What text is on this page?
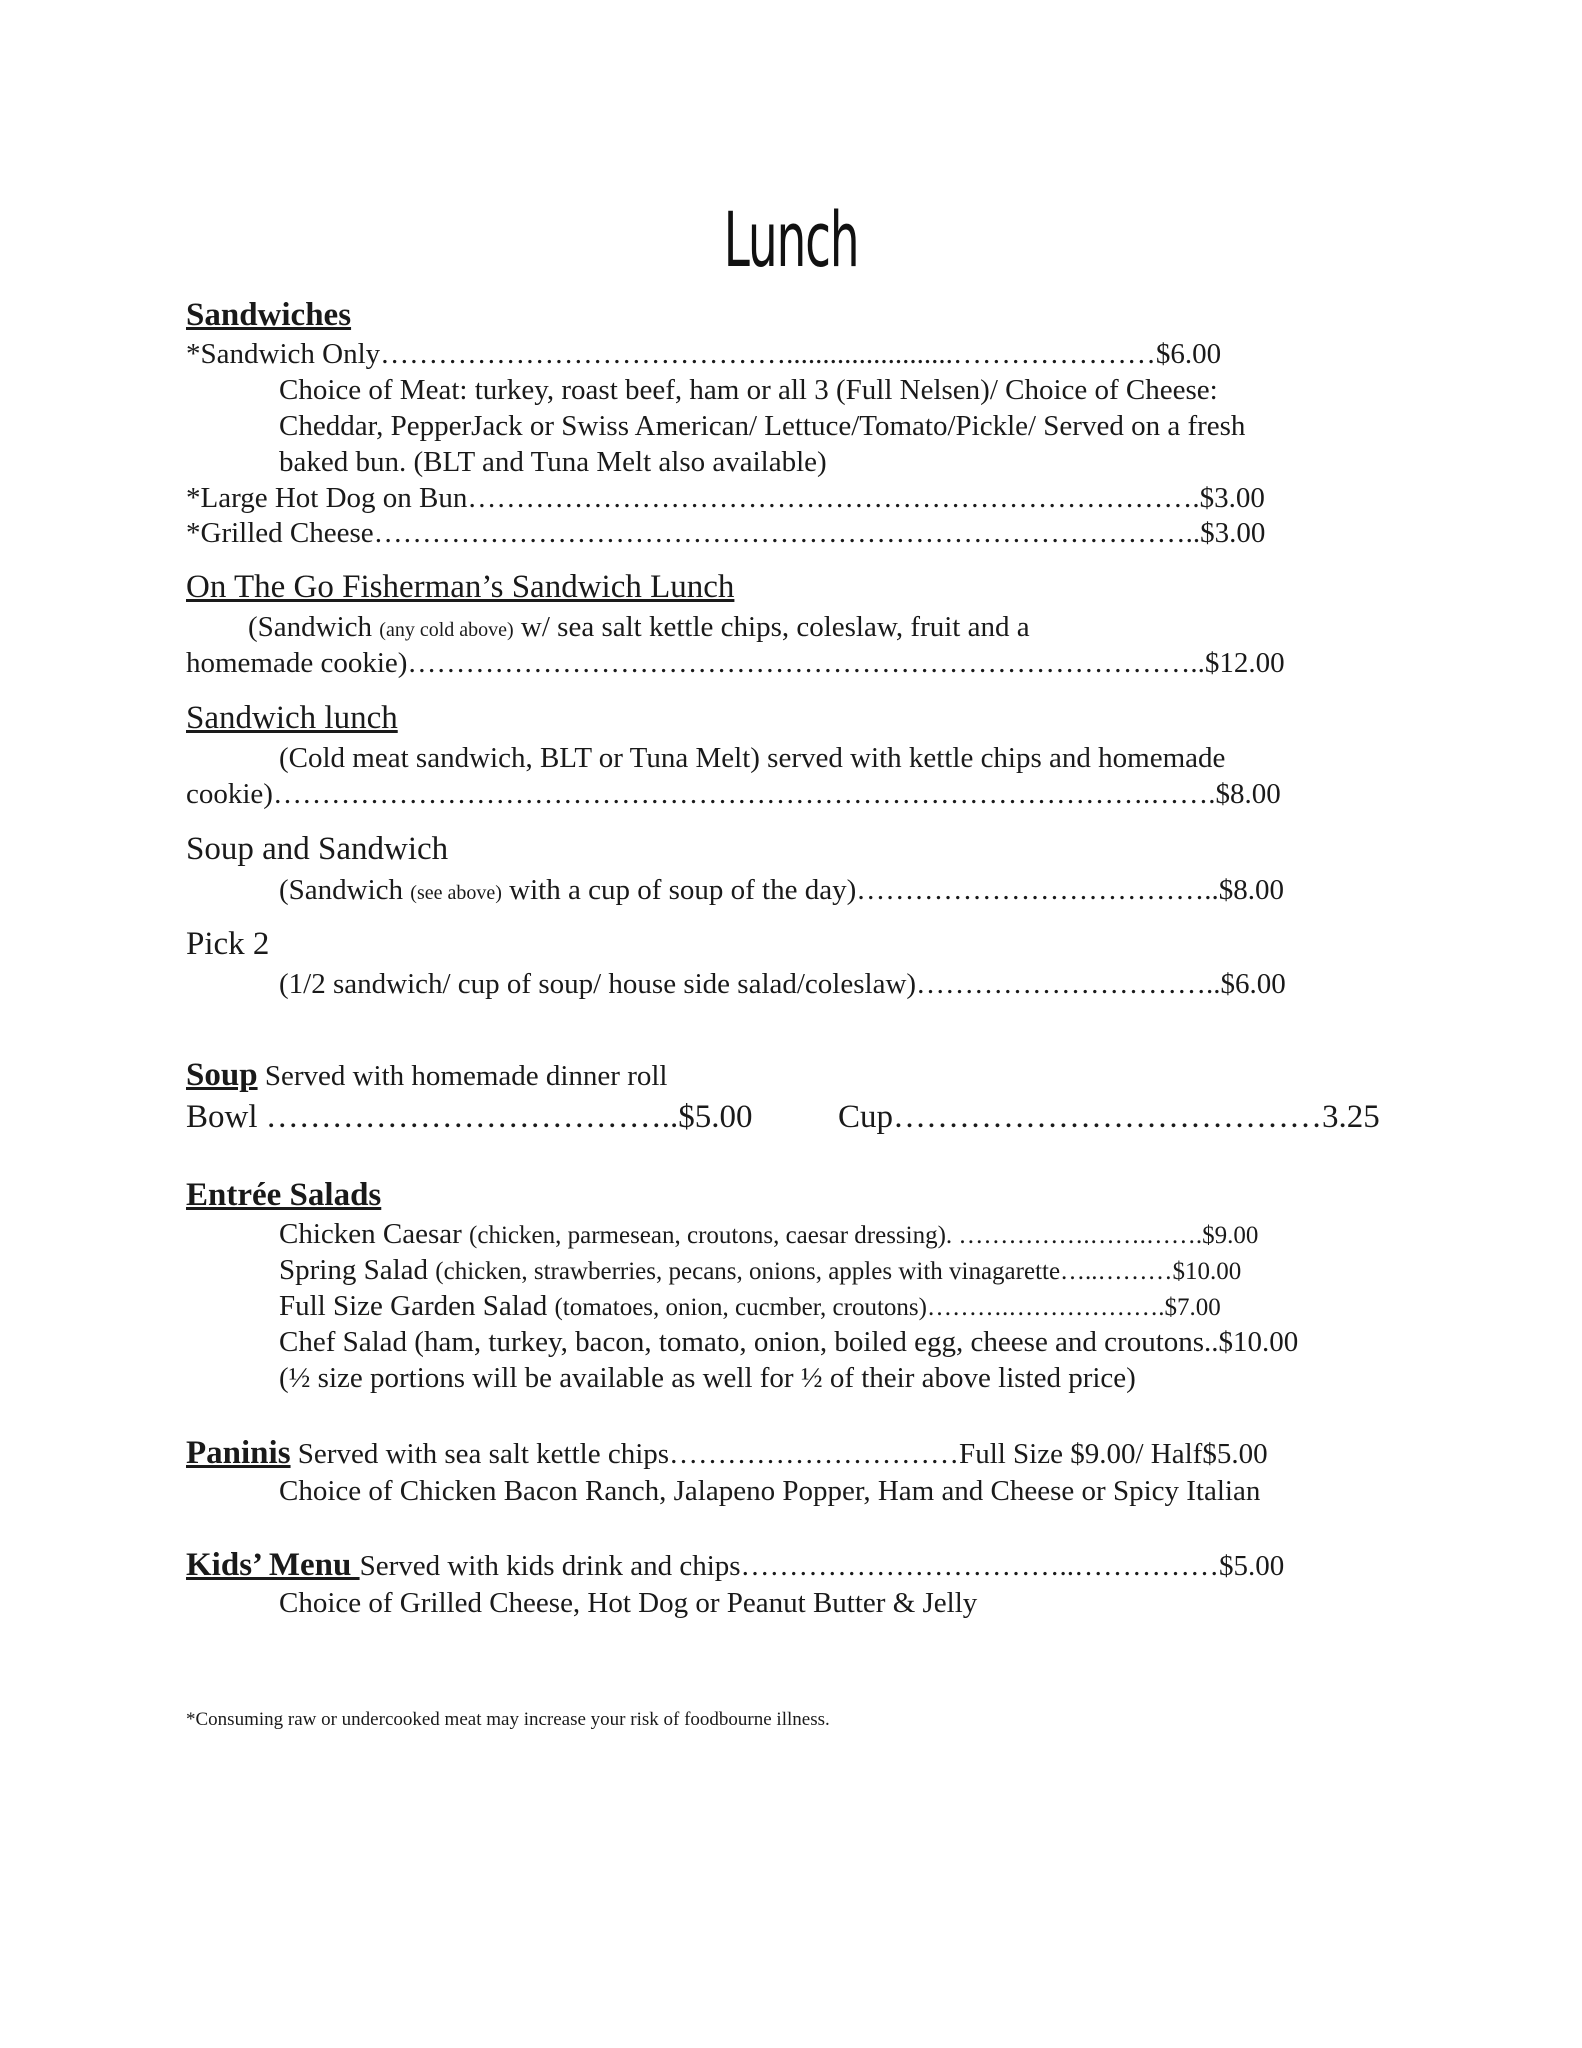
Lunch
Sandwiches
*Sandwich Only…………………………………….......................…………………$6.00
Choice of Meat: turkey, roast beef, ham or all 3 (Full Nelsen)/ Choice of Cheese:
Cheddar, PepperJack or Swiss American/ Lettuce/Tomato/Pickle/ Served on a fresh
baked bun. (BLT and Tuna Melt also available)
*Large Hot Dog on Bun………………………………………………………………….$3.00
*Grilled Cheese…………………………………………………………………………..$3.00
On The Go Fisherman’s Sandwich Lunch
(Sandwich (any cold above) w/ sea salt kettle chips, coleslaw, fruit and a
homemade cookie)………………………………………………………………………..$12.00
Sandwich lunch
(Cold meat sandwich, BLT or Tuna Melt) served with kettle chips and homemade
cookie)……………………………………………………………………………….…….$8.00
Soup and Sandwich
(Sandwich (see above) with a cup of soup of the day)………………………………..$8.00
Pick 2
(1/2 sandwich/ cup of soup/ house side salad/coleslaw)…………………………..$6.00
Soup Served with homemade dinner roll
Bowl ………………………………..$5.00	Cup…………………………………3.25
Entrée Salads
Chicken Caesar (chicken, parmesean, croutons, caesar dressing). …………….…….…….$9.00
Spring Salad (chicken, strawberries, pecans, onions, apples with vinagarette…..………$10.00
Full Size Garden Salad (tomatoes, onion, cucmber, croutons)……….……………….$7.00
Chef Salad (ham, turkey, bacon, tomato, onion, boiled egg, cheese and croutons..$10.00
(½ size portions will be available as well for ½ of their above listed price)
Paninis Served with sea salt kettle chips…………………………Full Size $9.00/ Half$5.00
Choice of Chicken Bacon Ranch, Jalapeno Popper, Ham and Cheese or Spicy Italian
Kids’ Menu Served with kids drink and chips……………………………..……………$5.00
Choice of Grilled Cheese, Hot Dog or Peanut Butter & Jelly
*Consuming raw or undercooked meat may increase your risk of foodbourne illness.
